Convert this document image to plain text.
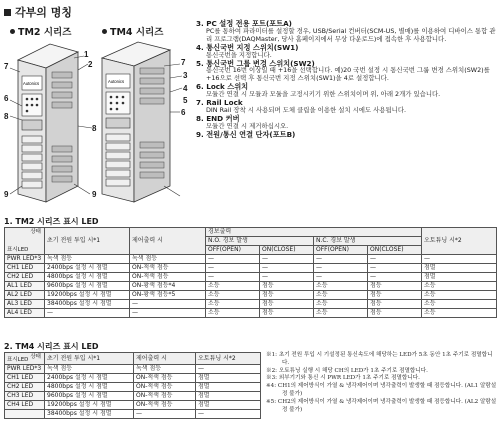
각부의 명칭
TM2 시리즈	TM4 시리즈
Autonics	Autonics
7
6
8
9
1
2
8
9
7
3
4
5
6
3. PC 설정 전용 포트(포트A)
PC를 통하여 파라미터를 설정할 경우, USB/Serial 컨버터(SCM-US, 별매)를 이용하여 디바이스 통합 관리 프로그램(DAQMaster, 당사 홈페이지에서 무상 다운로드)에 접속한 후 사용합니다.
4. 통신국번 지정 스위치(SW1)
통신국번을 지정합니다.
5. 통신국번 그룹 변경 스위치(SW2)
통신국번 16번 이상일 때 +16을 선택합니다. 예)20 국번 설정 시 통신국번 그룹 변경 스위치(SW2)를 +16으로 선택 후 통신국번 지정 스위치(SW1)을 4로 설정합니다.
6. Lock 스위치
모듈간 연결 시 모듈과 모듈을 고정시키기 위한 스위치이며 위, 아래 2개가 있습니다.
7. Rail Lock
DIN Rail 장착 시 사용되며 도체 클립을 이용한 설치 시에도 사용됩니다.
8. END 커버
모듈간 연결 시 제거하십시오.
9. 전원/통신 연결 단자(포트B)
1. TM2 시리즈 표시 LED
상태
표시LED	초기 전원 투입 시*1	제어출력 시	경보출력				오토튜닝 시*2
			N.O. 경보 발생		N.C. 경보 발생		
			OFF(OPEN)	ON(CLOSE)	OFF(OPEN)	ON(CLOSE)	
PWR LED*3	녹색 점등	녹색 점등	—	—	—	—	—
CH1 LED	2400bps 설정 시 점멸	ON-적색 점등	—	—	—	—	점멸
CH2 LED	4800bps 설정 시 점멸	ON-적색 점등	—	—	—	—	점멸
AL1 LED	9600bps 설정 시 점멸	ON-황색 점등*4	소등	점등	소등	점등	소등
AL2 LED	19200bps 설정 시 점멸	ON-황색 점등*5	소등	점등	소등	점등	소등
AL3 LED	38400bps 설정 시 점멸	—	소등	점등	소등	점등	소등
AL4 LED	—	—	소등	점등	소등	점등	소등
2. TM4 시리즈 표시 LED
상태
표시LED	초기 전원 투입 시*1	제어출력 시	오토튜닝 시*2
PWR LED*3	녹색 점등	녹색 점등	—
CH1 LED	2400bps 설정 시 점멸	ON-적색 점등	점멸
CH2 LED	4800bps 설정 시 점멸	ON-적색 점등	점멸
CH3 LED	9600bps 설정 시 점멸	ON-적색 점등	점멸
CH4 LED	19200bps 설정 시 점멸	ON-적색 점등	점멸
	38400bps 설정 시 점멸	—	—
※1: 초기 전원 투입 시 기설정된 통신속도에 해당하는 LED가 5초 동안 1초 주기로 점멸합니다.
※2: 오토튜닝 실행 시 해당 CH의 LED가 1초 주기로 점멸합니다.
※3: 외부기기와 통신 시 PWR LED가 1초 주기로 점멸합니다.
※4: CH1의 제어방식이 가열 & 냉각제어이며 냉각출력이 발생할 때 점등합니다. (AL1 알람설정 불가)
※5: CH2의 제어방식이 가열 & 냉각제어이며 냉각출력이 발생할 때 점등합니다. (AL2 알람설정 불가)
